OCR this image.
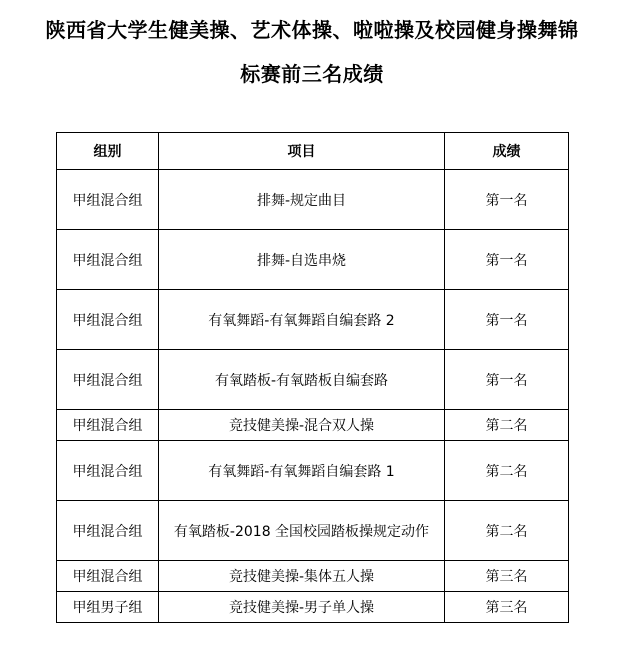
陕西省大学生健美操、艺术体操、啦啦操及校园健身操舞锦
标赛前三名成绩
组别	项目	成绩
甲组混合组	排舞-规定曲目	第一名
甲组混合组	排舞-自选串烧	第一名
甲组混合组	有氧舞蹈-有氧舞蹈自编套路 2	第一名
甲组混合组	有氧踏板-有氧踏板自编套路	第一名
甲组混合组	竞技健美操-混合双人操	第二名
甲组混合组	有氧舞蹈-有氧舞蹈自编套路 1	第二名
甲组混合组	有氧踏板-2018 全国校园踏板操规定动作	第二名
甲组混合组	竞技健美操-集体五人操	第三名
甲组男子组	竞技健美操-男子单人操	第三名
